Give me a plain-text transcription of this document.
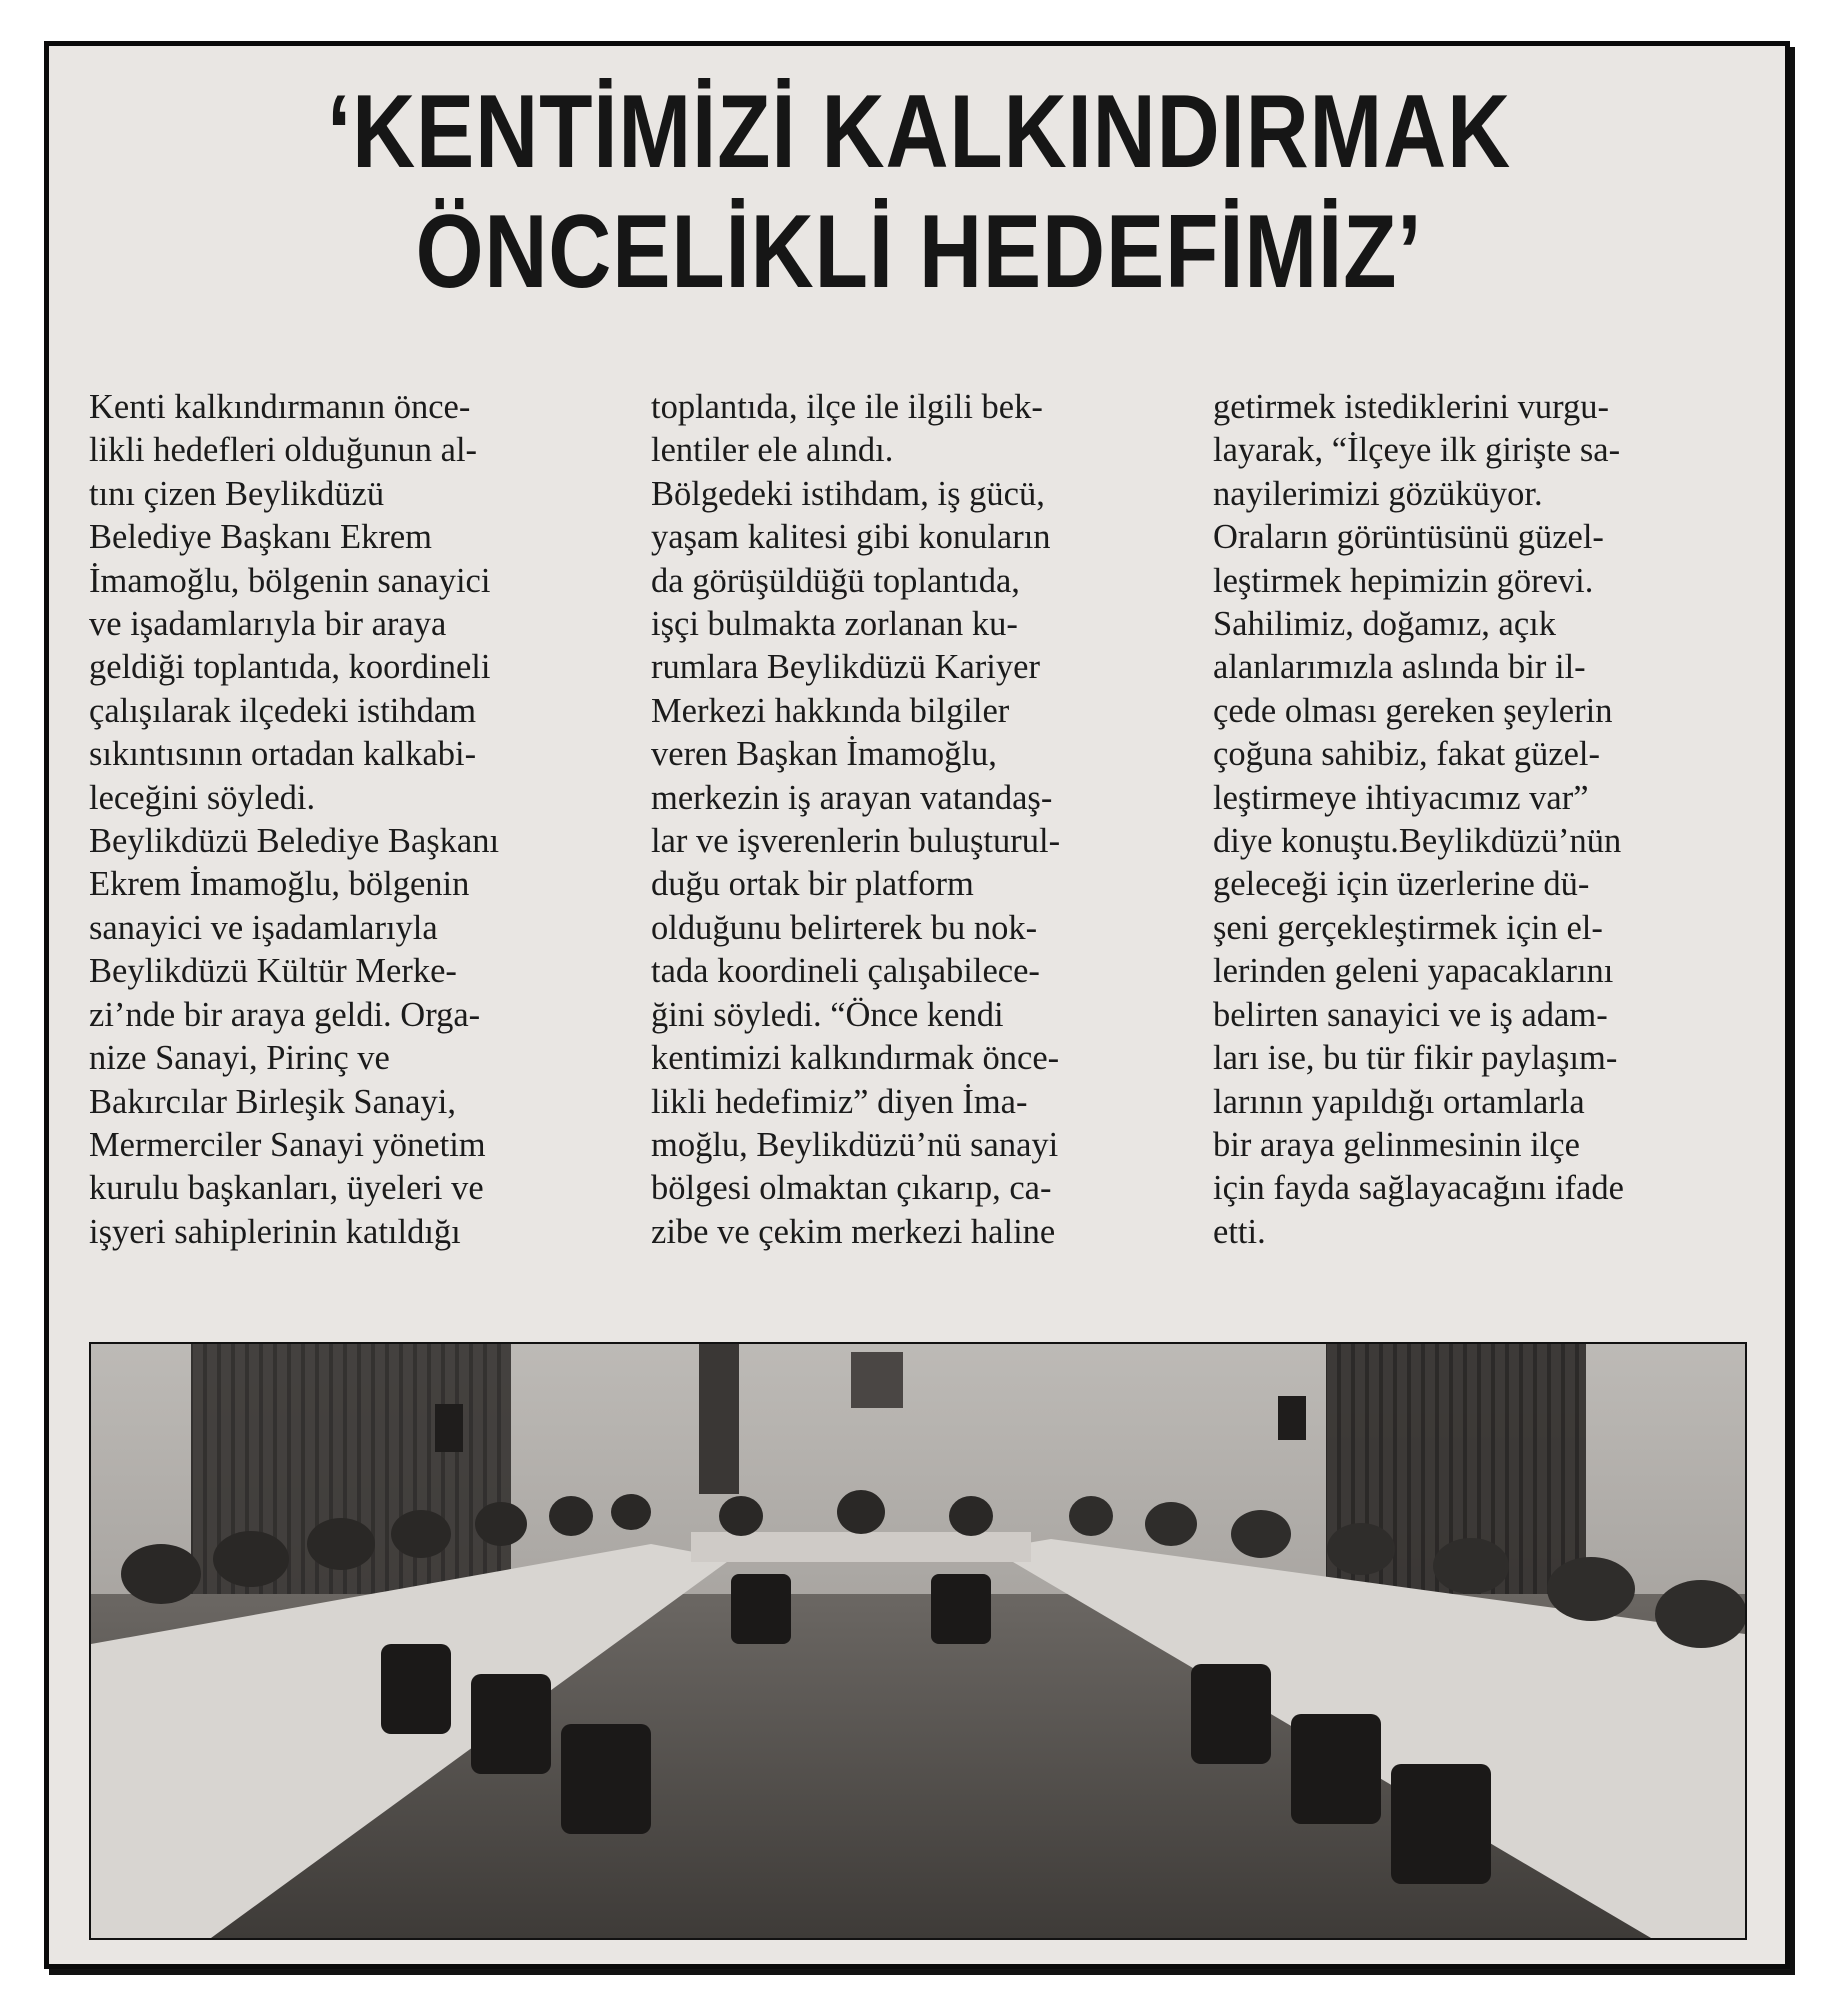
‘KENTİMİZİ KALKINDIRMAK
ÖNCELİKLİ HEDEFİMİZ’
Kenti kalkındırmanın önce-
likli hedefleri olduğunun al-
tını çizen Beylikdüzü
Belediye Başkanı Ekrem
İmamoğlu, bölgenin sanayici
ve işadamlarıyla bir araya
geldiği toplantıda, koordineli
çalışılarak ilçedeki istihdam
sıkıntısının ortadan kalkabi-
leceğini söyledi.
Beylikdüzü Belediye Başkanı
Ekrem İmamoğlu, bölgenin
sanayici ve işadamlarıyla
Beylikdüzü Kültür Merke-
zi’nde bir araya geldi. Orga-
nize Sanayi, Pirinç ve
Bakırcılar Birleşik Sanayi,
Mermerciler Sanayi yönetim
kurulu başkanları, üyeleri ve
işyeri sahiplerinin katıldığı
toplantıda, ilçe ile ilgili bek-
lentiler ele alındı.
Bölgedeki istihdam, iş gücü,
yaşam kalitesi gibi konuların
da görüşüldüğü toplantıda,
işçi bulmakta zorlanan ku-
rumlara Beylikdüzü Kariyer
Merkezi hakkında bilgiler
veren Başkan İmamoğlu,
merkezin iş arayan vatandaş-
lar ve işverenlerin buluşturul-
duğu ortak bir platform
olduğunu belirterek bu nok-
tada koordineli çalışabilece-
ğini söyledi. “Önce kendi
kentimizi kalkındırmak önce-
likli hedefimiz” diyen İma-
moğlu, Beylikdüzü’nü sanayi
bölgesi olmaktan çıkarıp, ca-
zibe ve çekim merkezi haline
getirmek istediklerini vurgu-
layarak, “İlçeye ilk girişte sa-
nayilerimizi gözüküyor.
Oraların görüntüsünü güzel-
leştirmek hepimizin görevi.
Sahilimiz, doğamız, açık
alanlarımızla aslında bir il-
çede olması gereken şeylerin
çoğuna sahibiz, fakat güzel-
leştirmeye ihtiyacımız var”
diye konuştu.Beylikdüzü’nün
geleceği için üzerlerine dü-
şeni gerçekleştirmek için el-
lerinden geleni yapacaklarını
belirten sanayici ve iş adam-
ları ise, bu tür fikir paylaşım-
larının yapıldığı ortamlarla
bir araya gelinmesinin ilçe
için fayda sağlayacağını ifade
etti.
